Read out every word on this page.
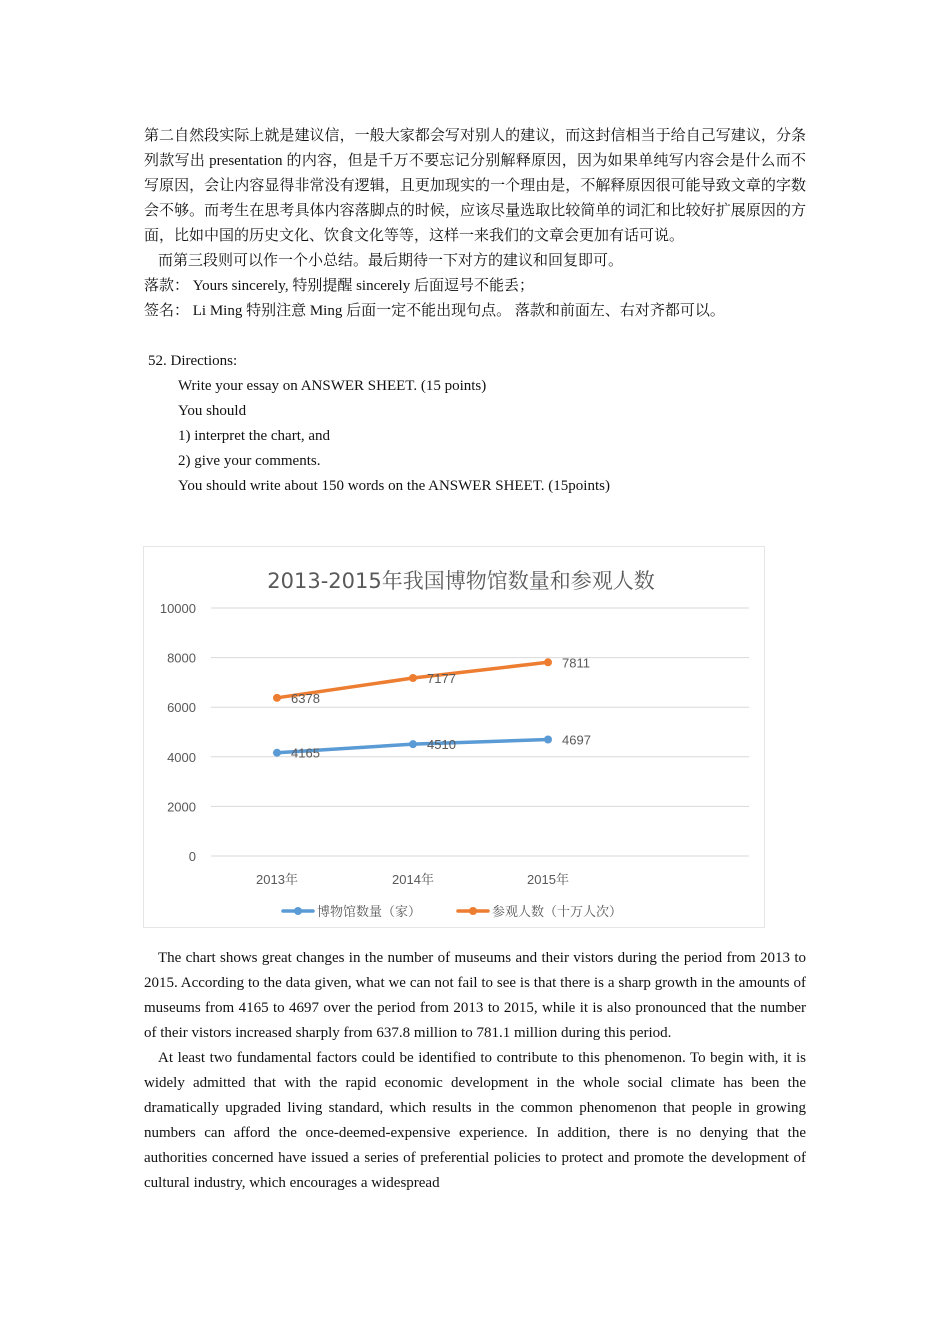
第二自然段实际上就是建议信，一般大家都会写对别人的建议，而这封信相当于给自己写建议，分条列款写出 presentation 的内容，但是千万不要忘记分别解释原因，因为如果单纯写内容会是什么而不写原因，会让内容显得非常没有逻辑，且更加现实的一个理由是，不解释原因很可能导致文章的字数会不够。而考生在思考具体内容落脚点的时候，应该尽量选取比较简单的词汇和比较好扩展原因的方面，比如中国的历史文化、饮食文化等等，这样一来我们的文章会更加有话可说。

而第三段则可以作一个小总结。最后期待一下对方的建议和回复即可。

落款： Yours sincerely, 特别提醒 sincerely 后面逗号不能丢；

签名： Li Ming 特别注意 Ming 后面一定不能出现句点。 落款和前面左、右对齐都可以。

52. Directions:

Write your essay on ANSWER SHEET. (15 points)

You should

1) interpret the chart, and

2) give your comments.

You should write about 150 words on the ANSWER SHEET. (15points)

2013-2015年我国博物馆数量和参观人数
0
2000
4000
6000
8000
10000
2013年	2014年	2015年
4165
4510	4697
6378
7177
7811
博物馆数量（家）	参观人数（十万人次）

The chart shows great changes in the number of museums and their vistors during the period from 2013 to 2015. According to the data given, what we can not fail to see is that there is a sharp growth in the amounts of museums from 4165 to 4697 over the period from 2013 to 2015, while it is also pronounced that the number of their vistors increased sharply from 637.8 million to 781.1 million during this period.

At least two fundamental factors could be identified to contribute to this phenomenon. To begin with, it is widely admitted that with the rapid economic development in the whole social climate has been the dramatically upgraded living standard, which results in the common phenomenon that people in growing numbers can afford the once-deemed-expensive experience. In addition, there is no denying that the authorities concerned have issued a series of preferential policies to protect and promote the development of cultural industry, which encourages a widespread
